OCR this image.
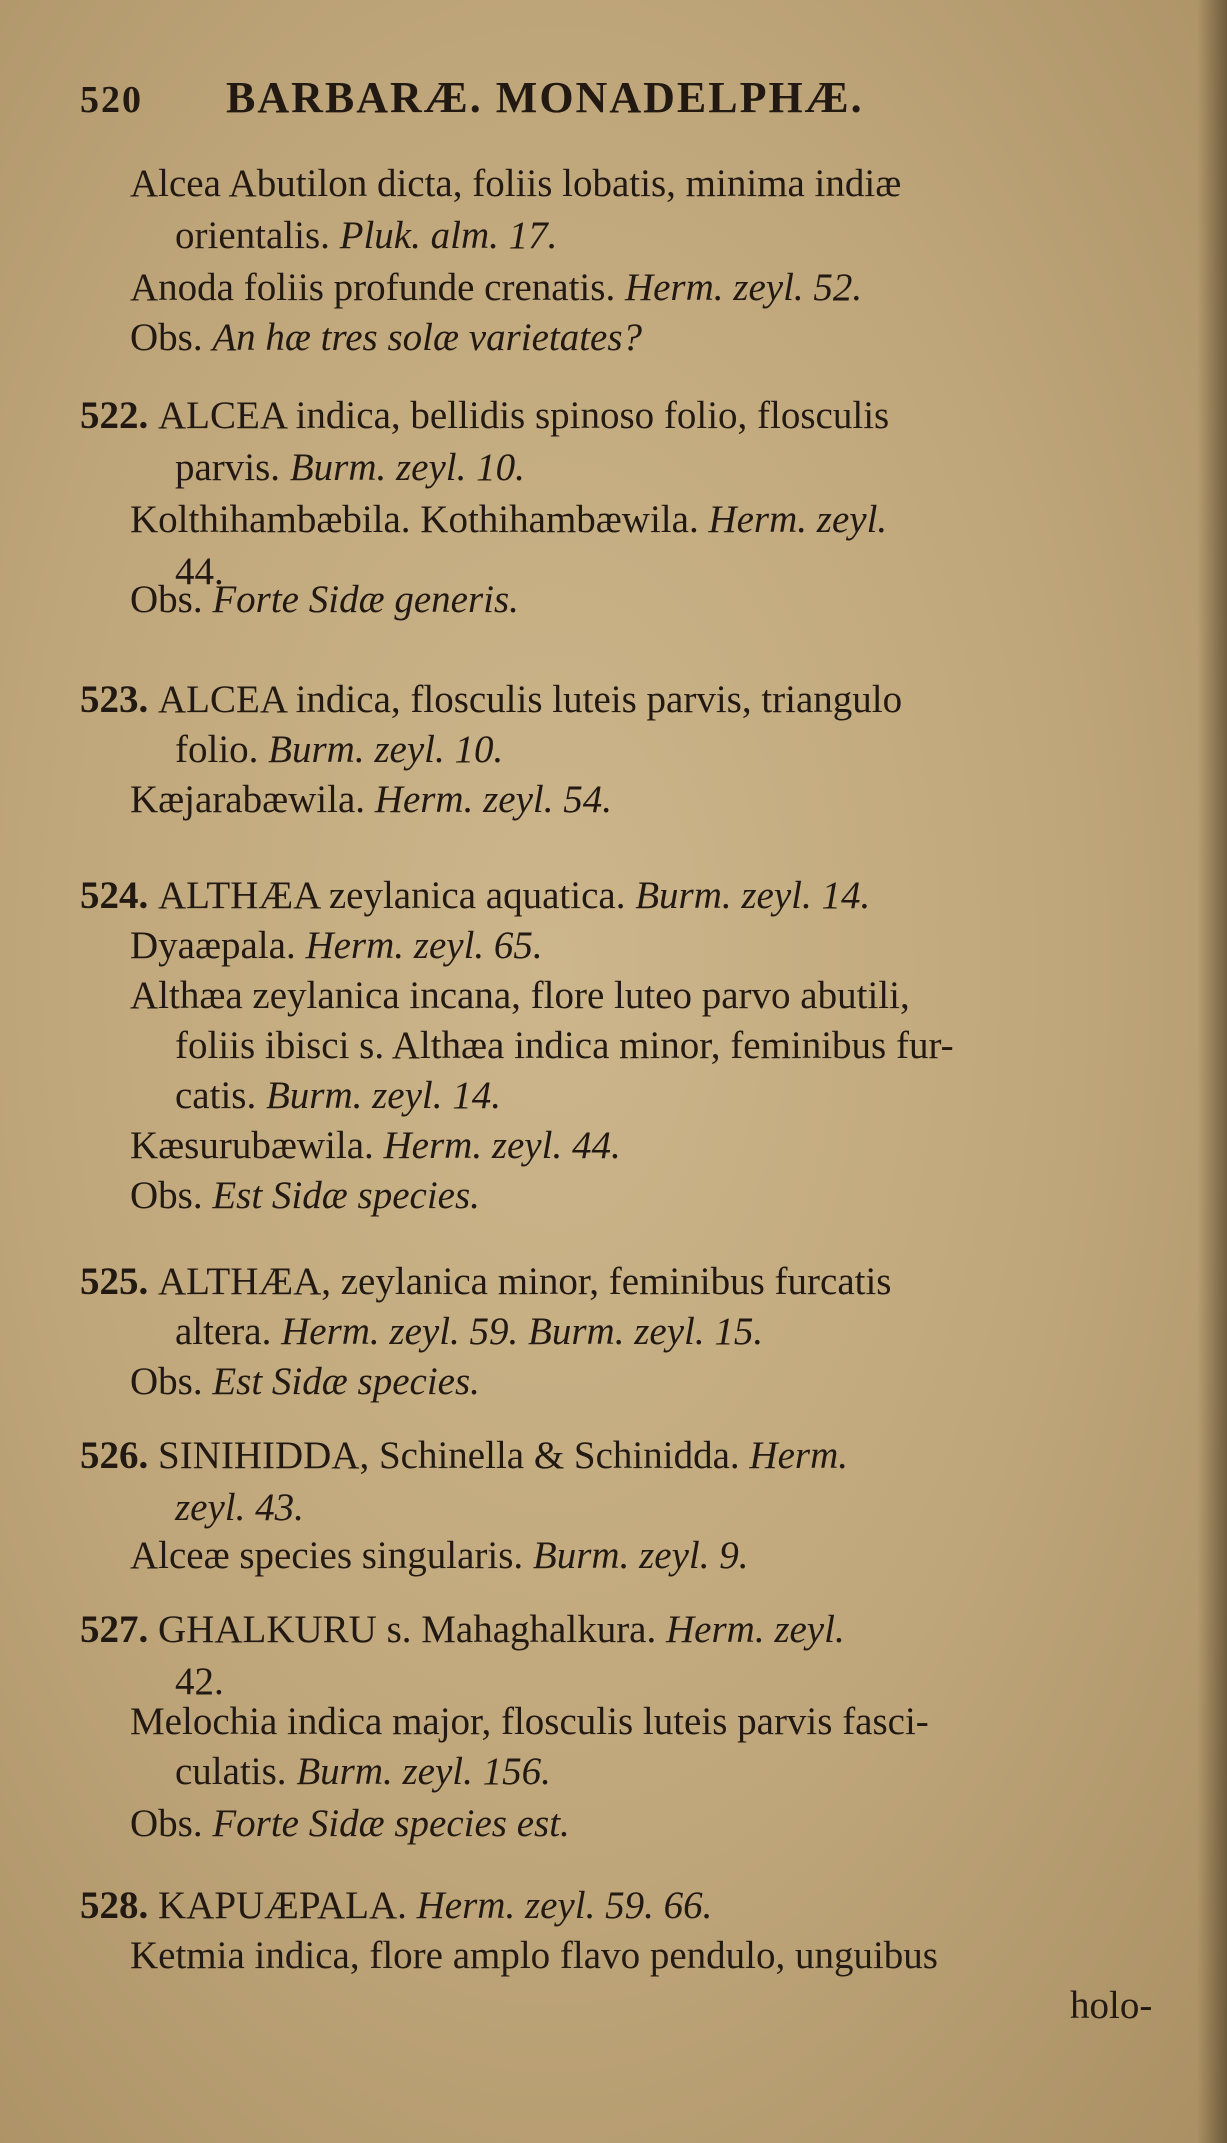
520 BARBARÆ. MONADELPHÆ.
Alcea Abutilon dicta, foliis lobatis, minima indiæ
orientalis. Pluk. alm. 17.
Anoda foliis profunde crenatis. Herm. zeyl. 52.
Obs. An hæ tres solæ varietates?
522. ALCEA indica, bellidis spinoso folio, flosculis
parvis. Burm. zeyl. 10.
Kolthihambæbila. Kothihambæwila. Herm. zeyl.
44.
Obs. Forte Sidæ generis.
523. ALCEA indica, flosculis luteis parvis, triangulo
folio. Burm. zeyl. 10.
Kæjarabæwila. Herm. zeyl. 54.
524. ALTHÆA zeylanica aquatica. Burm. zeyl. 14.
Dyaæpala. Herm. zeyl. 65.
Althæa zeylanica incana, flore luteo parvo abutili,
foliis ibisci s. Althæa indica minor, feminibus fur-
catis. Burm. zeyl. 14.
Kæsurubæwila. Herm. zeyl. 44.
Obs. Est Sidæ species.
525. ALTHÆA, zeylanica minor, feminibus furcatis
altera. Herm. zeyl. 59. Burm. zeyl. 15.
Obs. Est Sidæ species.
526. SINIHIDDA, Schinella & Schinidda. Herm.
zeyl. 43.
Alceæ species singularis. Burm. zeyl. 9.
527. GHALKURU s. Mahaghalkura. Herm. zeyl.
42.
Melochia indica major, flosculis luteis parvis fasci-
culatis. Burm. zeyl. 156.
Obs. Forte Sidæ species est.
528. KAPUÆPALA. Herm. zeyl. 59. 66.
Ketmia indica, flore amplo flavo pendulo, unguibus
holo-
